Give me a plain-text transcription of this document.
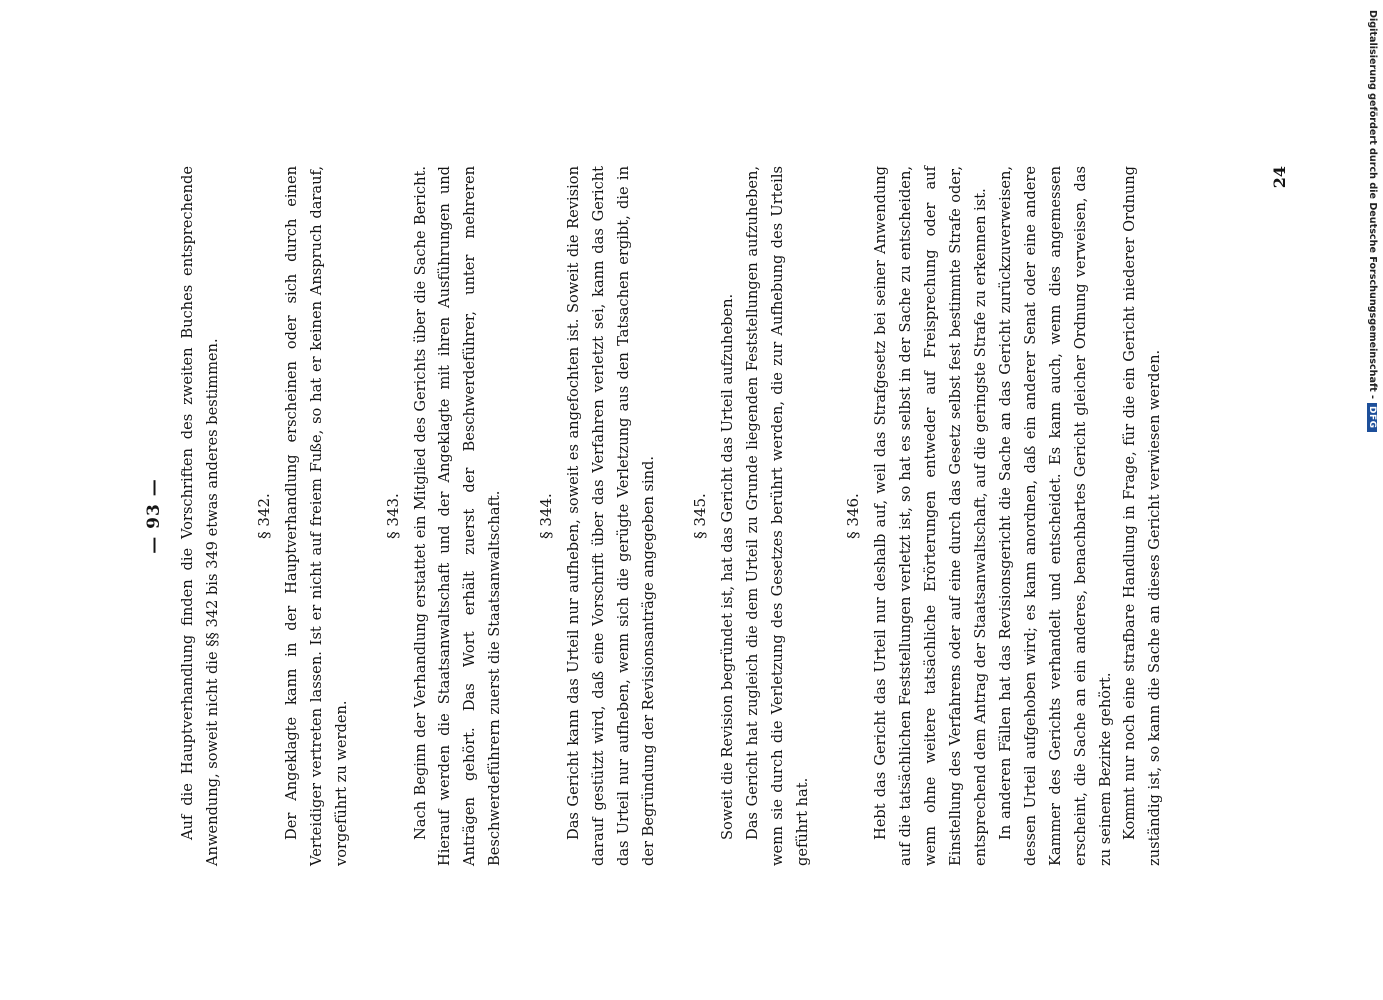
— 93 — Auf die Hauptverhandlung finden die Vorschriften des zweiten Buches entsprechende Anwendung, soweit nicht die §§ 342 bis 349 etwas anderes bestimmen.	§ 342. Der Angeklagte kann in der Hauptverhandlung erscheinen oder sich durch einen Verteidiger vertreten lassen. Ist er nicht auf freiem Fuße, so hat er keinen Anspruch darauf, vorgeführt zu werden.

§ 343. Nach Beginn der Verhandlung erstattet ein Mitglied des Gerichts über die Sache Bericht. Hierauf werden die Staatsanwaltschaft und der Angeklagte mit ihren Ausführungen und Anträgen gehört. Das Wort erhält zuerst der Beschwerdeführer, unter mehreren Beschwerdeführern zuerst die Staatsanwaltschaft.	§ 344. Das Gericht kann das Urteil nur aufheben, soweit es angefochten ist. Soweit die Revision darauf gestützt wird, daß eine Vorschrift über das Verfahren verletzt sei, kann das Gericht das Urteil nur aufheben, wenn sich die gerügte Verletzung aus den Tatsachen ergibt, die in der Begründung der Revisionsanträge angegeben sind.	§ 345. Soweit die Revision begründet ist, hat das Gericht das Urteil aufzuheben. Das Gericht hat zugleich die dem Urteil zu Grunde liegenden Feststellungen aufzuheben, wenn sie durch die Verletzung des Gesetzes berührt werden, die zur Aufhebung des Urteils geführt hat.

§ 346. Hebt das Gericht das Urteil nur deshalb auf, weil das Strafgesetz bei seiner Anwendung auf die tatsächlichen Feststellungen verletzt ist, so hat es selbst in der Sache zu entscheiden, wenn ohne weitere tatsächliche Erörterungen entweder auf Freisprechung oder auf Einstellung des Verfahrens oder auf eine durch das Gesetz selbst fest bestimmte Strafe oder, entsprechend dem Antrag der Staatsanwaltschaft, auf die geringste Strafe zu erkennen ist. In anderen Fällen hat das Revisionsgericht die Sache an das Gericht zurückzuverweisen, dessen Urteil aufgehoben wird; es kann anordnen, daß ein anderer Senat oder eine andere Kammer des Gerichts verhandelt und entscheidet. Es kann auch, wenn dies angemessen erscheint, die Sache an ein anderes, benachbartes Gericht gleicher Ordnung verweisen, das zu seinem Bezirke gehört. Kommt nur noch eine strafbare Handlung in Frage, für die ein Gericht niederer Ordnung zuständig ist, so kann die Sache an dieses Gericht verwiesen werden.

24	Digitalisierung gefördert durch die Deutsche Forschungsgemeinschaft -
DFG
